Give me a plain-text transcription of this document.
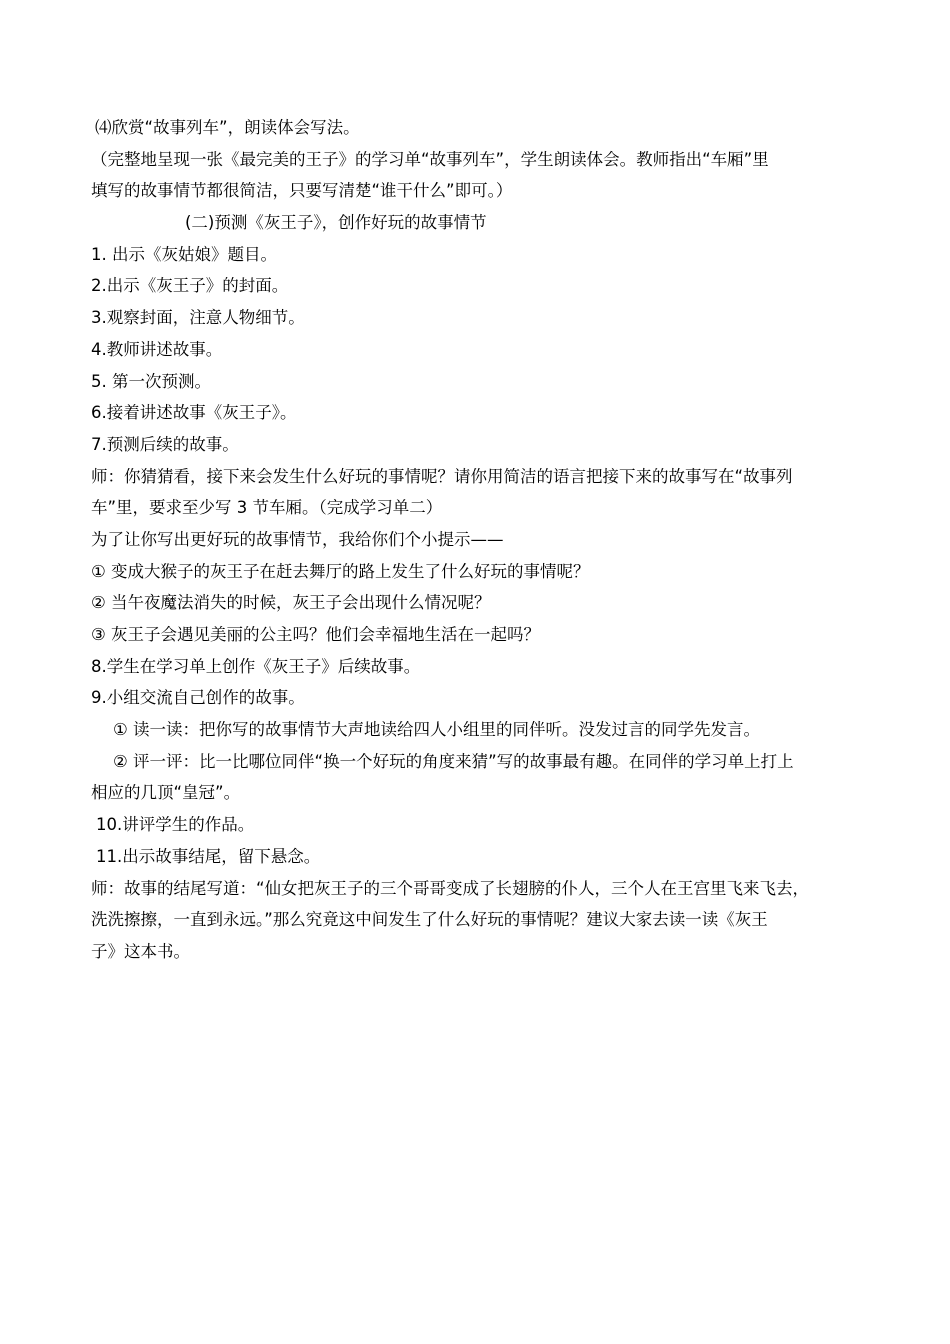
⑷欣赏“故事列车”，朗读体会写法。
（完整地呈现一张《最完美的王子》的学习单“故事列车”，学生朗读体会。教师指出“车厢”里
填写的故事情节都很简洁，只要写清楚“谁干什么”即可。）
(二)预测《灰王子》，创作好玩的故事情节
1. 出示《灰姑娘》题目。
2.出示《灰王子》的封面。
3.观察封面，注意人物细节。
4.教师讲述故事。
5. 第一次预测。
6.接着讲述故事《灰王子》。
7.预测后续的故事。
师：你猜猜看，接下来会发生什么好玩的事情呢？请你用简洁的语言把接下来的故事写在“故事列
车”里，要求至少写 3 节车厢。（完成学习单二）
为了让你写出更好玩的故事情节，我给你们个小提示——
① 变成大猴子的灰王子在赶去舞厅的路上发生了什么好玩的事情呢？
② 当午夜魔法消失的时候，灰王子会出现什么情况呢？
③ 灰王子会遇见美丽的公主吗？他们会幸福地生活在一起吗？
8.学生在学习单上创作《灰王子》后续故事。
9.小组交流自己创作的故事。
① 读一读：把你写的故事情节大声地读给四人小组里的同伴听。没发过言的同学先发言。
② 评一评：比一比哪位同伴“换一个好玩的角度来猜”写的故事最有趣。在同伴的学习单上打上
相应的几顶“皇冠”。
10.讲评学生的作品。
11.出示故事结尾，留下悬念。
师：故事的结尾写道：“仙女把灰王子的三个哥哥变成了长翅膀的仆人，三个人在王宫里飞来飞去，
洗洗擦擦，一直到永远。”那么究竟这中间发生了什么好玩的事情呢？建议大家去读一读《灰王
子》这本书。
